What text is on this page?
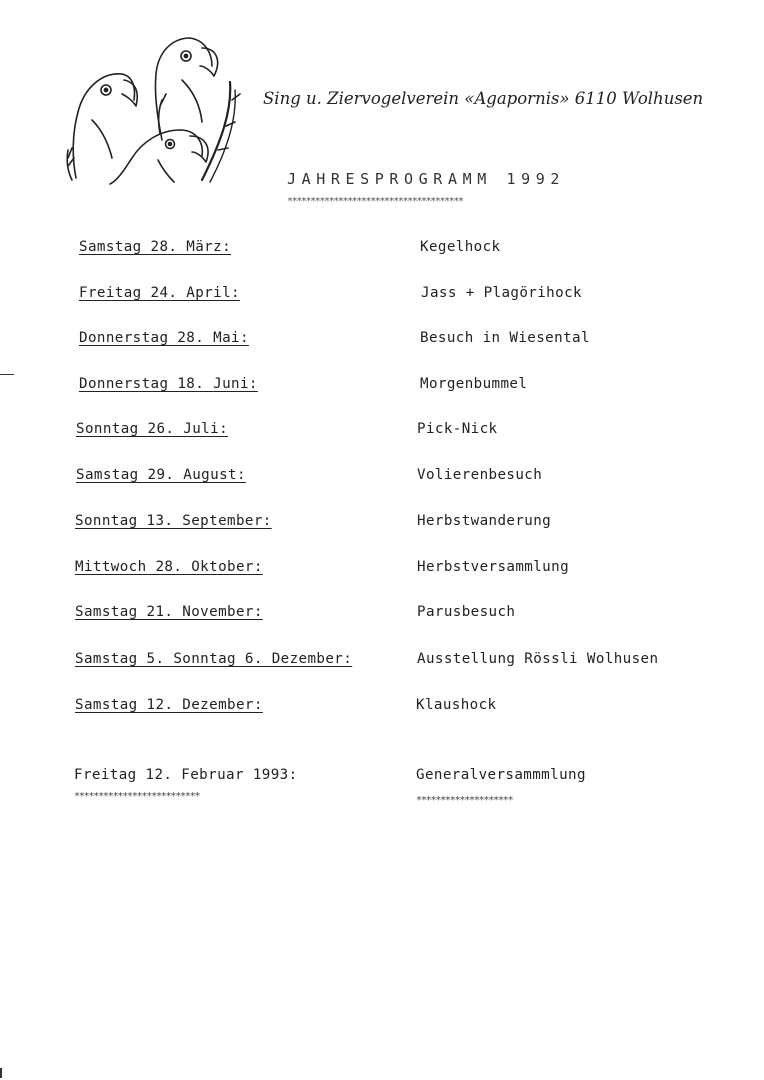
Sing u. Ziervogelverein «Agapornis» 6110 Wolhusen
JAHRESPROGRAMM 1992
**************************************
Samstag 28. März:	Kegelhock
Freitag 24. April:	Jass + Plagörihock
Donnerstag 28. Mai:	Besuch in Wiesental
Donnerstag 18. Juni:	Morgenbummel
Sonntag 26. Juli:	Pick-Nick
Samstag 29. August:	Volierenbesuch
Sonntag 13. September:	Herbstwanderung
Mittwoch 28. Oktober:	Herbstversammlung
Samstag 21. November:	Parusbesuch
Samstag 5. Sonntag 6. Dezember:	Ausstellung Rössli Wolhusen
Samstag 12. Dezember:	Klaushock
Freitag 12. Februar 1993:	Generalversammmlung
**************************	********************
